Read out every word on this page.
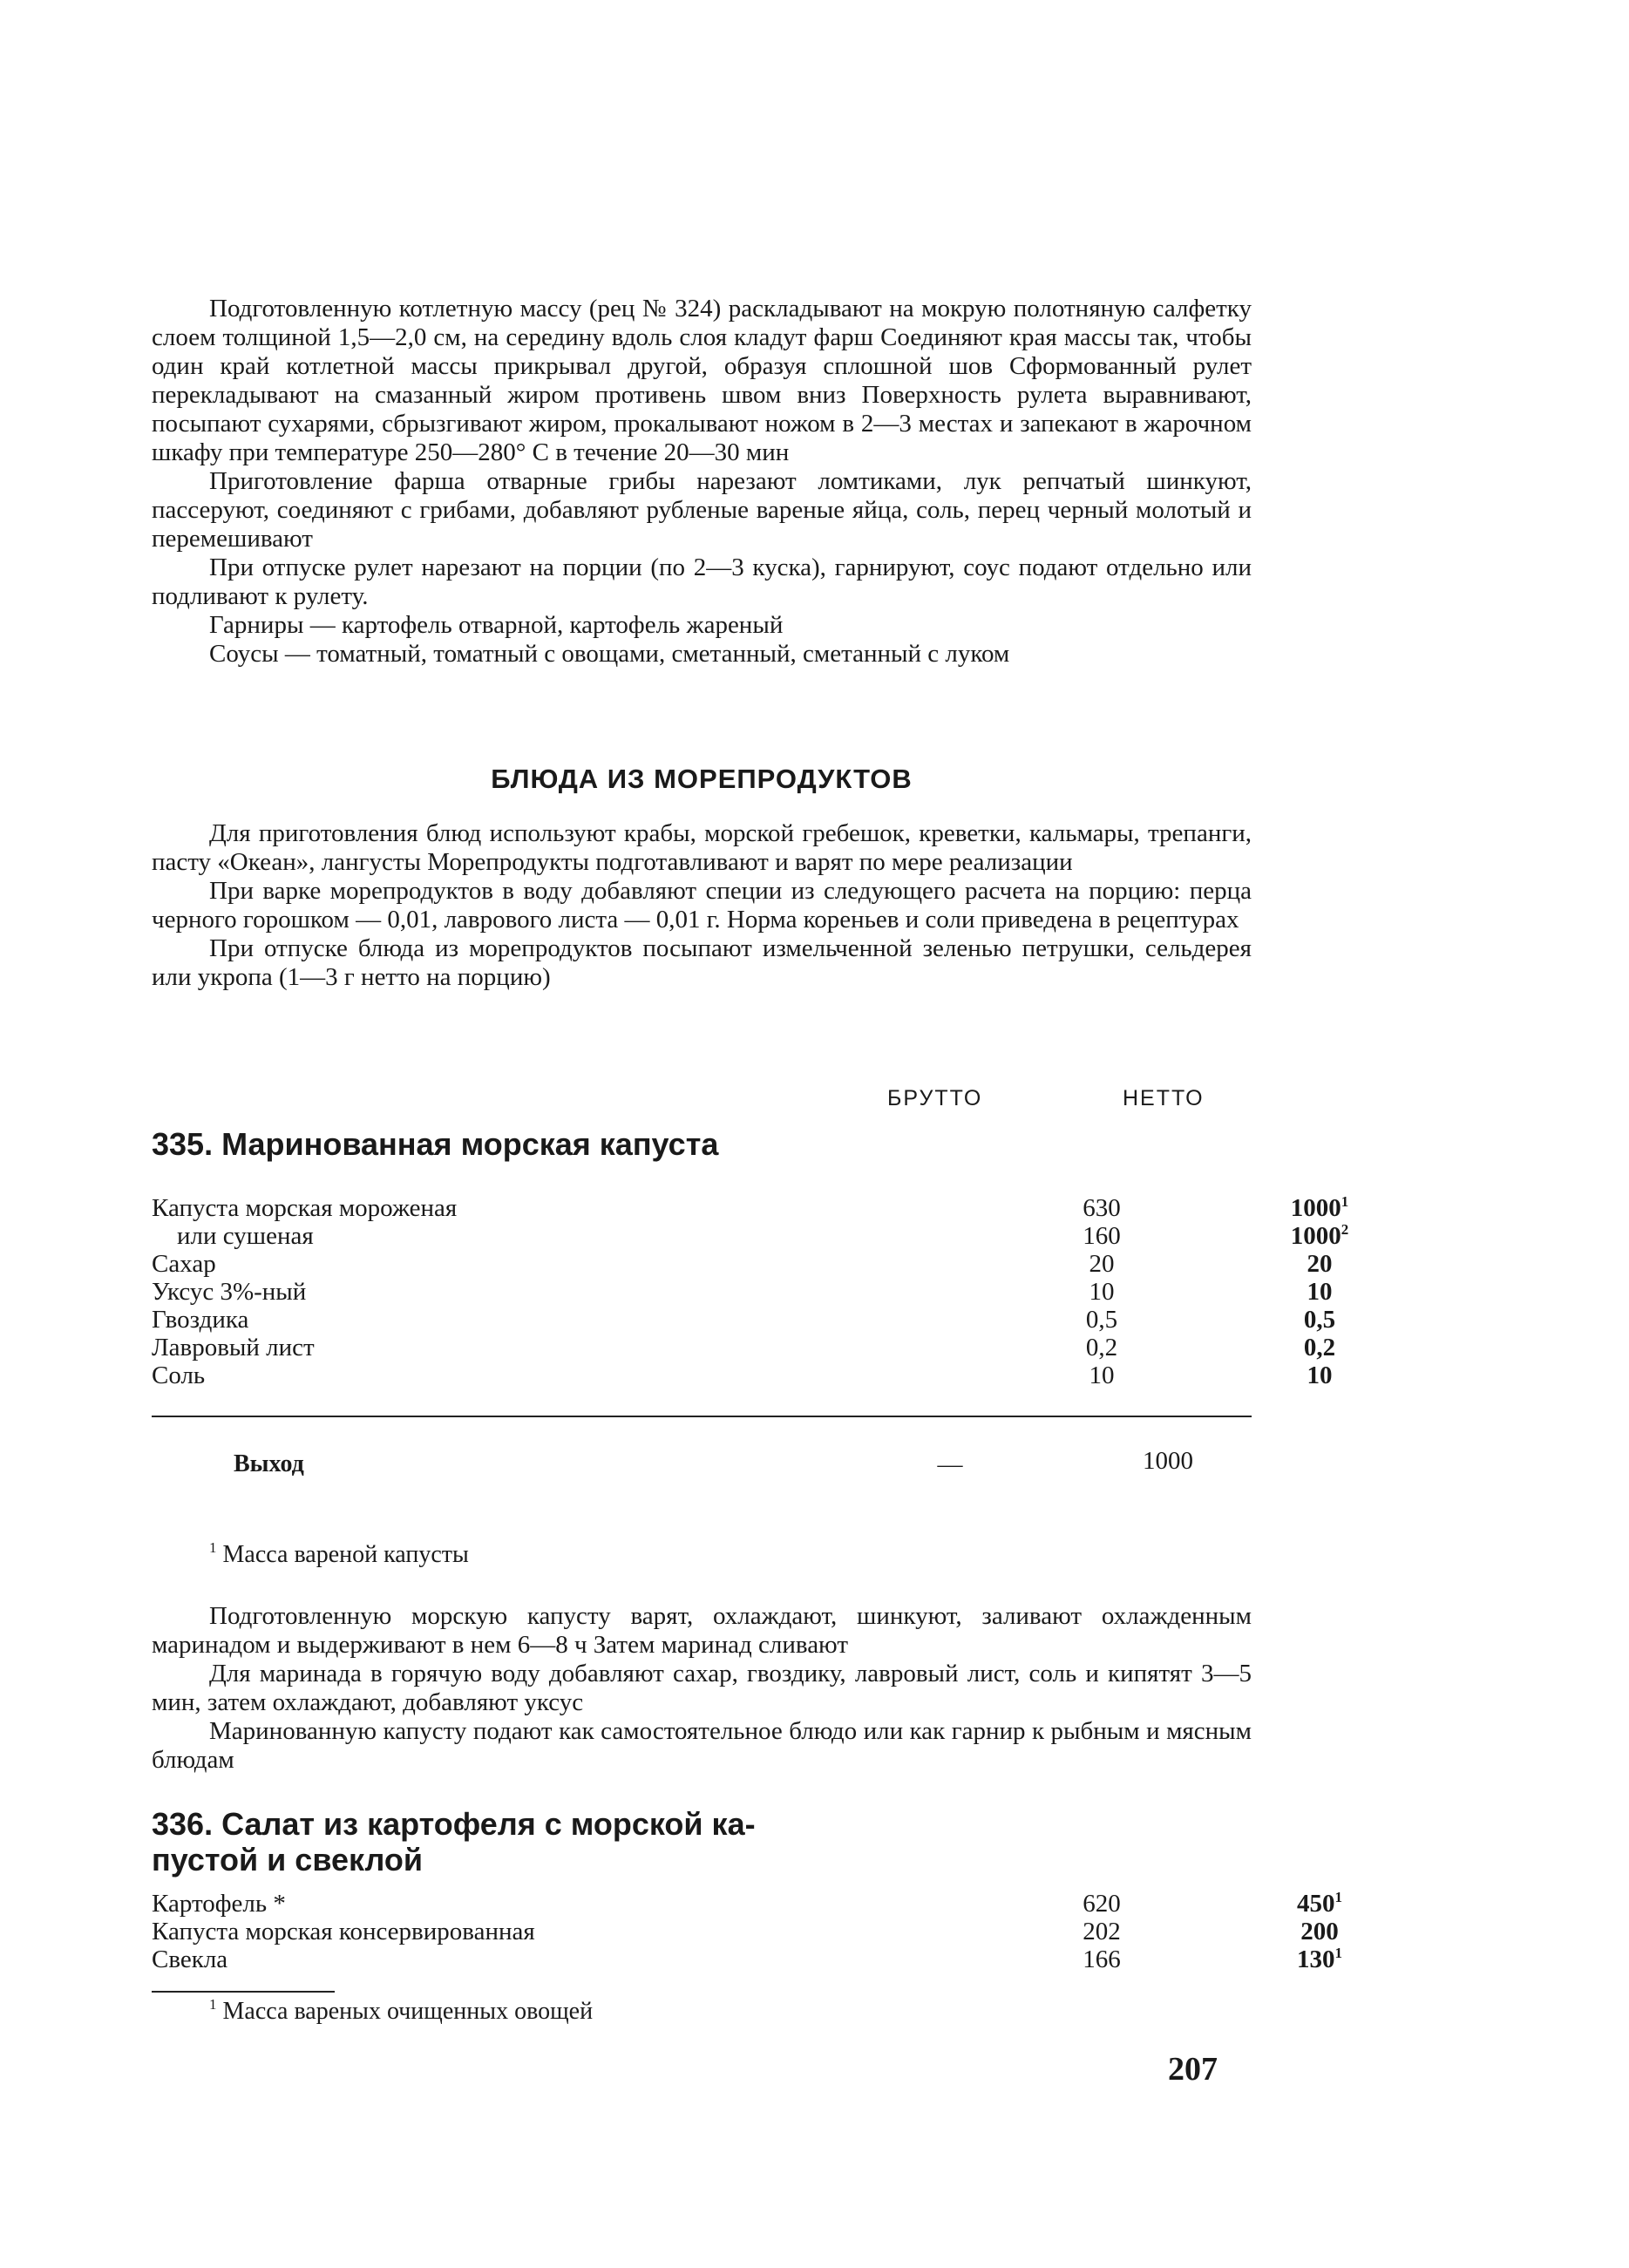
Подготовленную котлетную массу (рец № 324) раскладывают на мокрую полотняную салфетку слоем толщиной 1,5—2,0 см, на середину вдоль слоя кладут фарш Соединяют края массы так, чтобы один край котлетной массы прикрывал другой, образуя сплошной шов Сформованный рулет перекладывают на смазанный жиром противень швом вниз Поверхность рулета выравнивают, посыпают сухарями, сбрызгивают жиром, прокалывают ножом в 2—3 местах и запекают в жарочном шкафу при температуре 250—280° С в течение 20—30 мин

Приготовление фарша отварные грибы нарезают ломтиками, лук репчатый шинкуют, пассеруют, соединяют с грибами, добавляют рубленые вареные яйца, соль, перец черный молотый и перемешивают

При отпуске рулет нарезают на порции (по 2—3 куска), гарнируют, соус подают отдельно или подливают к рулету.

Гарниры — картофель отварной, картофель жареный

Соусы — томатный, томатный с овощами, сметанный, сметанный с луком

БЛЮДА ИЗ МОРЕПРОДУКТОВ

Для приготовления блюд используют крабы, морской гребешок, креветки, кальмары, трепанги, пасту «Океан», лангусты Морепродукты подготавливают и варят по мере реализации

При варке морепродуктов в воду добавляют специи из следующего расчета на порцию: перца черного горошком — 0,01, лаврового листа — 0,01 г. Норма кореньев и соли приведена в рецептурах

При отпуске блюда из морепродуктов посыпают измельченной зеленью петрушки, сельдерея или укропа (1—3 г нетто на порцию)

БРУТТО	НЕТТО
335. Маринованная морская капуста
Капуста морская мороженая	630	1000$^1$
или сушеная	160	1000$^2$
Сахар	20	20
Уксус 3%-ный	10	10
Гвоздика	0,5	0,5
Лавровый лист	0,2	0,2
Соль	10	10
Выход	—	1000
$^1$ Масса вареной капусты

Подготовленную морскую капусту варят, охлаждают, шинкуют, заливают охлажденным маринадом и выдерживают в нем 6—8 ч Затем маринад сливают

Для маринада в горячую воду добавляют сахар, гвоздику, лавровый лист, соль и кипятят 3—5 мин, затем охлаждают, добавляют уксус

Маринованную капусту подают как самостоятельное блюдо или как гарнир к рыбным и мясным блюдам

336. Салат из картофеля с морской ка-
пустой и свеклой
Картофель *	620	$450^1$
Капуста морская консервированная	202	200
Свекла	166	$130^1$
$^1$ Масса вареных очищенных овощей
207
